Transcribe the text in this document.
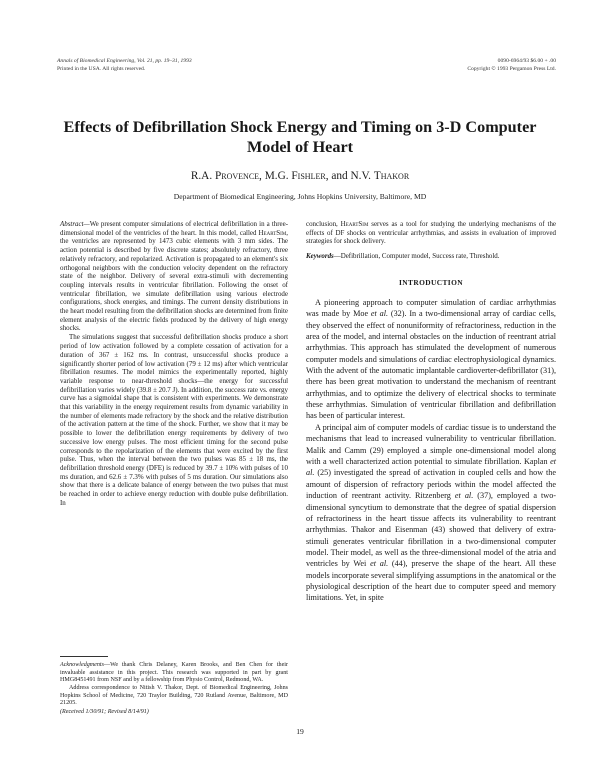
Annals of Biomedical Engineering, Vol. 21, pp. 19–31, 1993
Printed in the USA. All rights reserved.
0090-6964/93 $6.00 + .00
Copyright © 1993 Pergamon Press Ltd.
Effects of Defibrillation Shock Energy and Timing on 3-D Computer Model of Heart
R.A. Provence, M.G. Fishler, and N.V. Thakor
Department of Biomedical Engineering, Johns Hopkins University, Baltimore, MD

Abstract—We present computer simulations of electrical defibrillation in a three-dimensional model of the ventricles of the heart. In this model, called HeartSim, the ventricles are represented by 1473 cubic elements with 3 mm sides. The action potential is described by five discrete states; absolutely refractory, three relatively refractory, and repolarized. Activation is propagated to an element's six orthogonal neighbors with the conduction velocity dependent on the refractory state of the neighbor. Delivery of several extra-stimuli with decrementing coupling intervals results in ventricular fibrillation. Following the onset of ventricular fibrillation, we simulate defibrillation using various electrode configurations, shock energies, and timings. The current density distributions in the heart model resulting from the defibrillation shocks are determined from finite element analysis of the electric fields produced by the delivery of high energy shocks.

The simulations suggest that successful defibrillation shocks produce a short period of low activation followed by a complete cessation of activation for a duration of 367 ± 162 ms. In contrast, unsuccessful shocks produce a significantly shorter period of low activation (79 ± 12 ms) after which ventricular fibrillation resumes. The model mimics the experimentally reported, highly variable response to near-threshold shocks—the energy for successful defibrillation varies widely (39.8 ± 20.7 J). In addition, the success rate vs. energy curve has a sigmoidal shape that is consistent with experiments. We demonstrate that this variability in the energy requirement results from dynamic variability in the number of elements made refractory by the shock and the relative distribution of the activation pattern at the time of the shock. Further, we show that it may be possible to lower the defibrillation energy requirements by delivery of two successive low energy pulses. The most efficient timing for the second pulse corresponds to the repolarization of the elements that were excited by the first pulse. Thus, when the interval between the two pulses was 85 ± 18 ms, the defibrillation threshold energy (DFE) is reduced by 39.7 ± 10% with pulses of 10 ms duration, and 62.6 ± 7.3% with pulses of 5 ms duration. Our simulations also show that there is a delicate balance of energy between the two pulses that must be reached in order to achieve energy reduction with double pulse defibrillation. In

conclusion, HeartSim serves as a tool for studying the underlying mechanisms of the effects of DF shocks on ventricular arrhythmias, and assists in evaluation of improved strategies for shock delivery.

Keywords—Defibrillation, Computer model, Success rate, Threshold.

INTRODUCTION

A pioneering approach to computer simulation of cardiac arrhythmias was made by Moe et al. (32). In a two-dimensional array of cardiac cells, they observed the effect of nonuniformity of refractoriness, reduction in the area of the model, and internal obstacles on the induction of reentrant atrial arrhythmias. This approach has stimulated the development of numerous computer models and simulations of cardiac electrophysiological dynamics. With the advent of the automatic implantable cardioverter-defibrillator (31), there has been great motivation to understand the mechanism of reentrant arrhythmias, and to optimize the delivery of electrical shocks to terminate these arrhythmias. Simulation of ventricular fibrillation and defibrillation has been of particular interest.

A principal aim of computer models of cardiac tissue is to understand the mechanisms that lead to increased vulnerability to ventricular fibrillation. Malik and Camm (29) employed a simple one-dimensional model along with a well characterized action potential to simulate fibrillation. Kaplan et al. (25) investigated the spread of activation in coupled cells and how the amount of dispersion of refractory periods within the model affected the induction of reentrant activity. Ritzenberg et al. (37), employed a two-dimensional syncytium to demonstrate that the degree of spatial dispersion of refractoriness in the heart tissue affects its vulnerability to reentrant arrhythmias. Thakor and Eisenman (43) showed that delivery of extra-stimuli generates ventricular fibrillation in a two-dimensional computer model. Their model, as well as the three-dimensional model of the atria and ventricles by Wei et al. (44), preserve the shape of the heart. All these models incorporate several simplifying assumptions in the anatomical or the physiological description of the heart due to computer speed and memory limitations. Yet, in spite

Acknowledgments—We thank Chris Delaney, Karen Brooks, and Ben Chen for their invaluable assistance in this project. This research was supported in part by grant HMG8451491 from NSF and by a fellowship from Physio Control, Redmond, WA.

Address correspondence to Nitish V. Thakor, Dept. of Biomedical Engineering, Johns Hopkins School of Medicine, 720 Traylor Building, 720 Rutland Avenue, Baltimore, MD 21205.

(Received 1/30/91; Revised 8/14/91)

19
